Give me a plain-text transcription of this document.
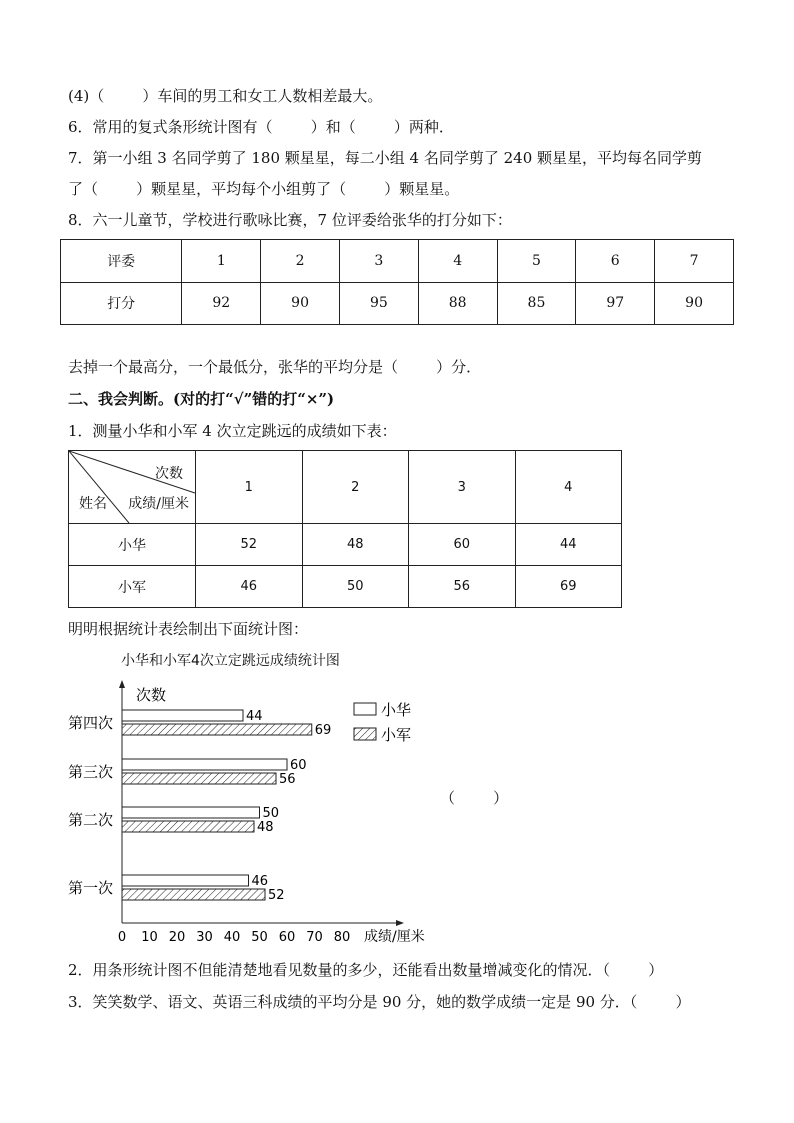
(4)（        ）车间的男工和女工人数相差最大。
6．常用的复式条形统计图有（        ）和（        ）两种．
7．第一小组 3 名同学剪了 180 颗星星，每二小组 4 名同学剪了 240 颗星星，平均每名同学剪
了（        ）颗星星，平均每个小组剪了（        ）颗星星。
8．六一儿童节，学校进行歌咏比赛，7 位评委给张华的打分如下：
评委	1	2	3	4	5	6	7
打分	92	90	95	88	85	97	90
去掉一个最高分，一个最低分，张华的平均分是（        ）分．
二、我会判断。(对的打“√”错的打“×”)
1．测量小华和小军 4 次立定跳远的成绩如下表：
次数
成绩/厘米
姓名	1	2	3	4
小华	52	48	60	44
小军	46	50	56	69
明明根据统计表绘制出下面统计图：
小华和小军4次立定跳远成绩统计图
次数
成绩/厘米
0 10 20 30 40 50 60 70 80
第一次	46
52
第二次	50
48
第三次	60
56
第四次	44
69
小华
小军
（        ）
2．用条形统计图不但能清楚地看见数量的多少，还能看出数量增减变化的情况．（        ）
3．笑笑数学、语文、英语三科成绩的平均分是 90 分，她的数学成绩一定是 90 分．（        ）
